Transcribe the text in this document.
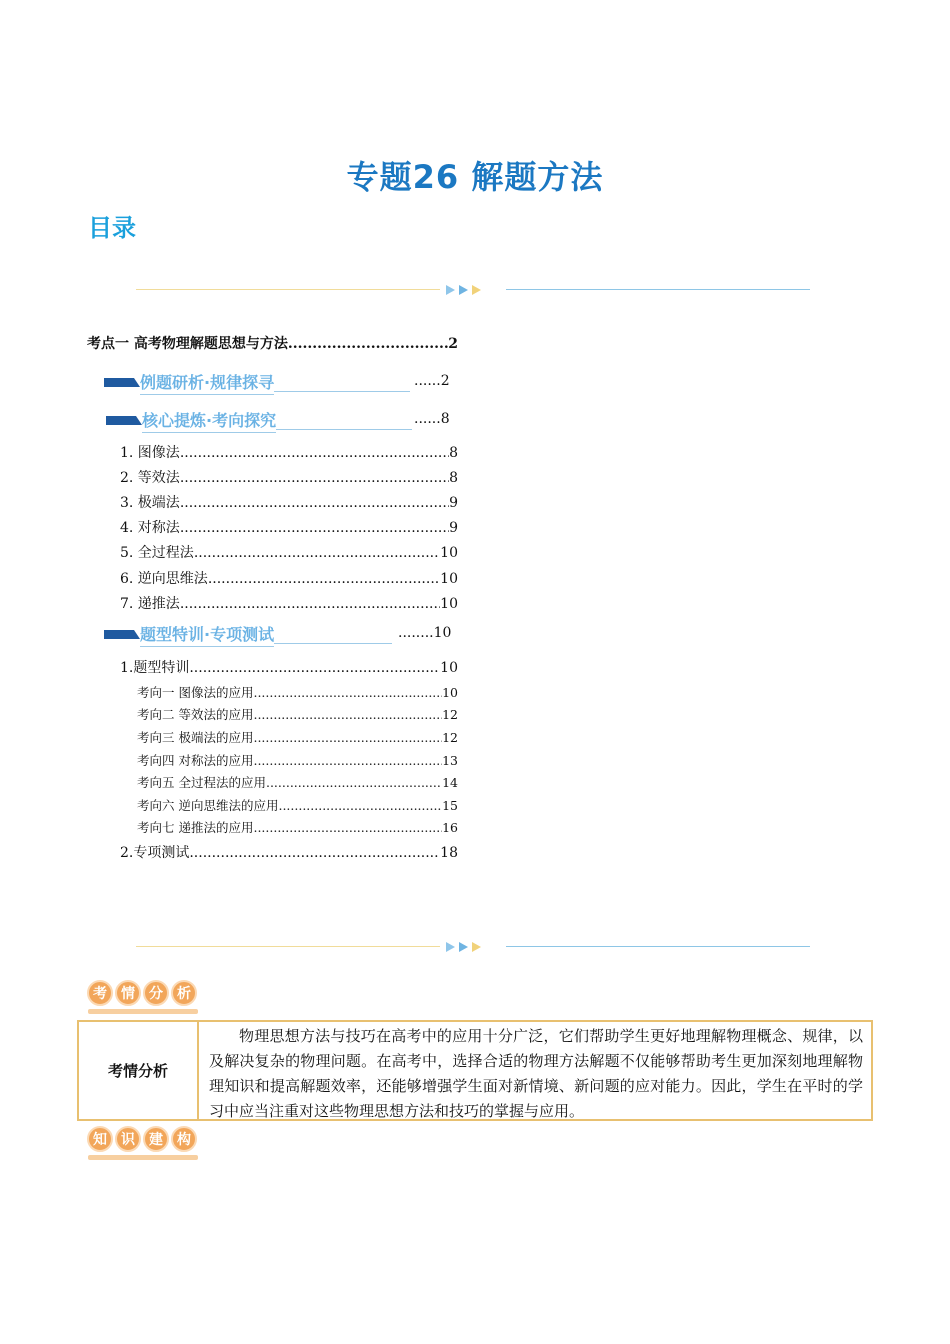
专题26 解题方法
目录
考点一 高考物理解题思想与方法 .....	2
例题研析·规律探寻	......2
核心提炼·考向探究	......8
1. 图像法 .....	8
2. 等效法 .....	8
3. 极端法 .....	9
4. 对称法 .....	9
5. 全过程法 .....	10
6. 逆向思维法 .....	10
7. 递推法 .....	10
题型特训·专项测试	........10
1.题型特训 .....	10
考向一 图像法的应用 .....	10
考向二 等效法的应用 .....	12
考向三 极端法的应用 .....	12
考向四 对称法的应用 .....	13
考向五 全过程法的应用 .....	14
考向六 逆向思维法的应用 .....	15
考向七 递推法的应用 .....	16
2.专项测试 .....	18
考	情	分	析
考情分析
物理思想方法与技巧在高考中的应用十分广泛，它们帮助学生更好地理解物理概念、规律，以及解决复杂的物理问题。在高考中，选择合适的物理方法解题不仅能够帮助考生更加深刻地理解物理知识和提高解题效率，还能够增强学生面对新情境、新问题的应对能力。因此，学生在平时的学习中应当注重对这些物理思想方法和技巧的掌握与应用。
知	识	建	构
